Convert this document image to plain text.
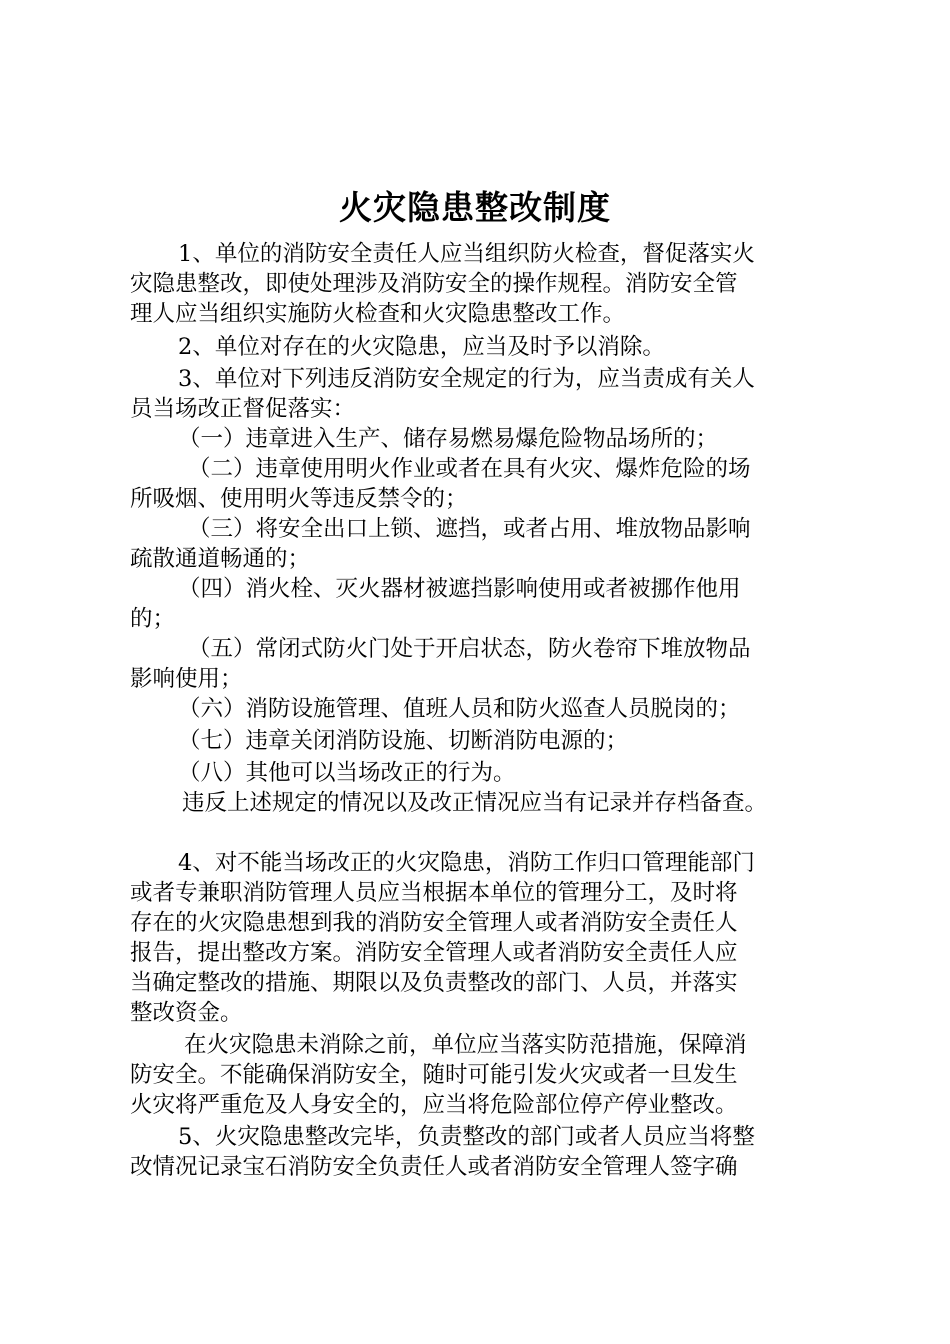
火灾隐患整改制度
1、单位的消防安全责任人应当组织防火检查，督促落实火
灾隐患整改，即使处理涉及消防安全的操作规程。消防安全管
理人应当组织实施防火检查和火灾隐患整改工作。
2、单位对存在的火灾隐患，应当及时予以消除。
3、单位对下列违反消防安全规定的行为，应当责成有关人
员当场改正督促落实：
（一）违章进入生产、储存易燃易爆危险物品场所的；
（二）违章使用明火作业或者在具有火灾、爆炸危险的场
所吸烟、使用明火等违反禁令的；
（三）将安全出口上锁、遮挡，或者占用、堆放物品影响
疏散通道畅通的；
（四）消火栓、灭火器材被遮挡影响使用或者被挪作他用
的；
（五）常闭式防火门处于开启状态，防火卷帘下堆放物品
影响使用；
（六）消防设施管理、值班人员和防火巡查人员脱岗的；
（七）违章关闭消防设施、切断消防电源的；
（八）其他可以当场改正的行为。
违反上述规定的情况以及改正情况应当有记录并存档备查。
4、对不能当场改正的火灾隐患，消防工作归口管理能部门
或者专兼职消防管理人员应当根据本单位的管理分工，及时将
存在的火灾隐患想到我的消防安全管理人或者消防安全责任人
报告，提出整改方案。消防安全管理人或者消防安全责任人应
当确定整改的措施、期限以及负责整改的部门、人员，并落实
整改资金。
在火灾隐患未消除之前，单位应当落实防范措施，保障消
防安全。不能确保消防安全，随时可能引发火灾或者一旦发生
火灾将严重危及人身安全的，应当将危险部位停产停业整改。
5、火灾隐患整改完毕，负责整改的部门或者人员应当将整
改情况记录宝石消防安全负责任人或者消防安全管理人签字确
